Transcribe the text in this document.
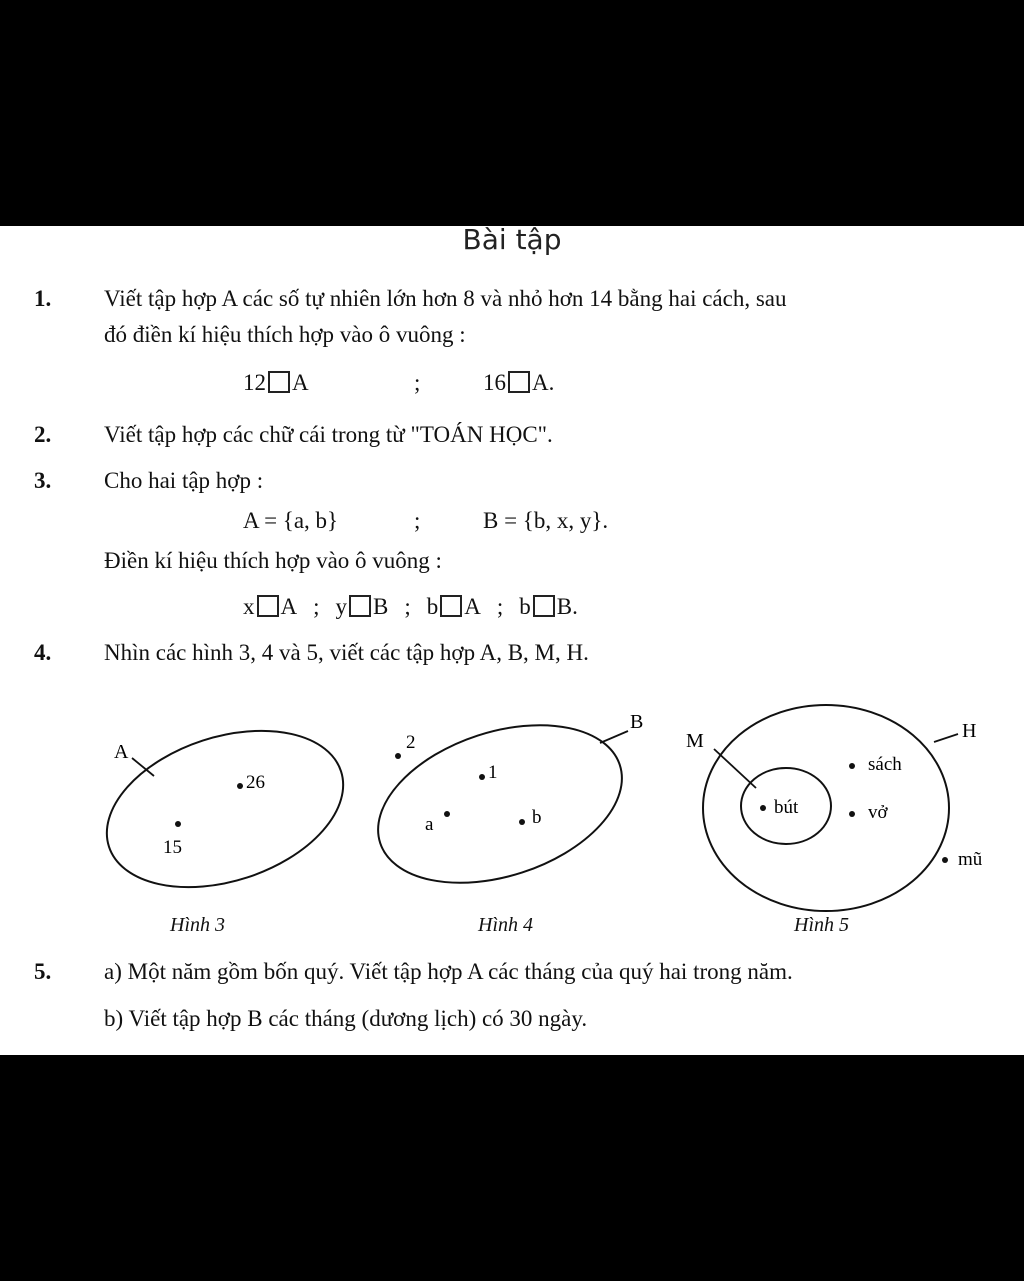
Bài tập
1. Viết tập hợp A các số tự nhiên lớn hơn 8 và nhỏ hơn 14 bằng hai cách, sau
đó điền kí hiệu thích hợp vào ô vuông :
12 A	;	16 A.
2. Viết tập hợp các chữ cái trong từ "TOÁN HỌC".
3. Cho hai tập hợp :
A = {a, b}	;	B = {b, x, y}.
Điền kí hiệu thích hợp vào ô vuông :
x A ; y B ; b A ; b B.
4. Nhìn các hình 3, 4 và 5, viết các tập hợp A, B, M, H.
A
26
15
B
2
1
a	b
H
M
bút
sách
vở
mũ
Hình 3	Hình 4	Hình 5
5. a) Một năm gồm bốn quý. Viết tập hợp A các tháng của quý hai trong năm.
b) Viết tập hợp B các tháng (dương lịch) có 30 ngày.
